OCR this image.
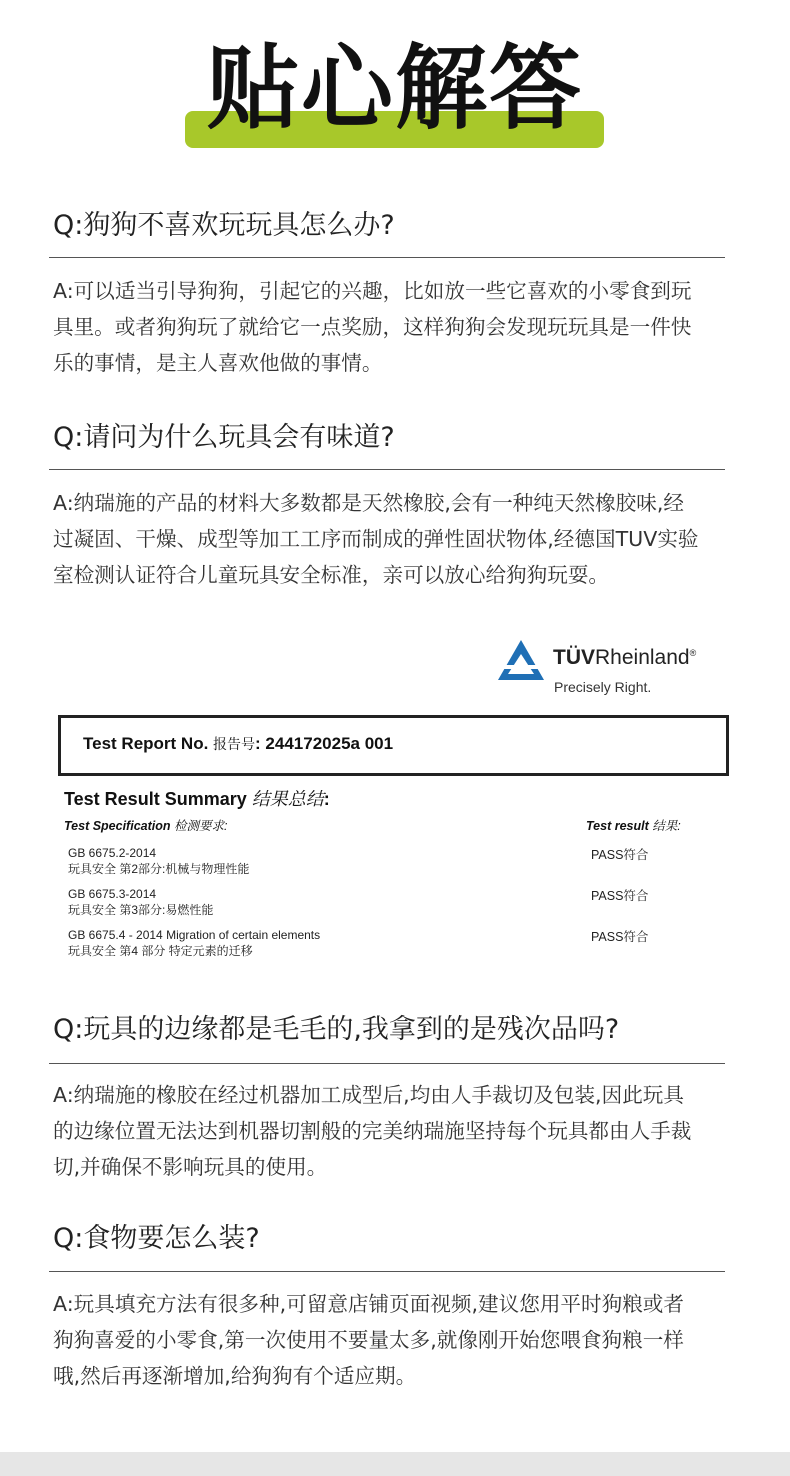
贴心解答
Q:狗狗不喜欢玩玩具怎么办?
A:可以适当引导狗狗，引起它的兴趣，比如放一些它喜欢的小零食到玩
具里。或者狗狗玩了就给它一点奖励，这样狗狗会发现玩玩具是一件快
乐的事情，是主人喜欢他做的事情。
Q:请问为什么玩具会有味道?
A:纳瑞施的产品的材料大多数都是天然橡胶,会有一种纯天然橡胶味,经
过凝固、干燥、成型等加工工序而制成的弹性固状物体,经德国TUV实验
室检测认证符合儿童玩具安全标准，亲可以放心给狗狗玩耍。
TÜVRheinland®
Precisely Right.
Test Report No. 报告号: 244172025a 001
Test Result Summary 结果总结:
Test Specification 检测要求:	Test result 结果:
GB 6675.2-2014
玩具安全 第2部分:机械与物理性能
PASS符合
GB 6675.3-2014
玩具安全 第3部分:易燃性能
PASS符合
GB 6675.4 - 2014 Migration of certain elements
玩具安全 第4 部分 特定元素的迁移
PASS符合
Q:玩具的边缘都是毛毛的,我拿到的是残次品吗?
A:纳瑞施的橡胶在经过机器加工成型后,均由人手裁切及包装,因此玩具
的边缘位置无法达到机器切割般的完美纳瑞施坚持每个玩具都由人手裁
切,并确保不影响玩具的使用。
Q:食物要怎么装?
A:玩具填充方法有很多种,可留意店铺页面视频,建议您用平时狗粮或者
狗狗喜爱的小零食,第一次使用不要量太多,就像刚开始您喂食狗粮一样
哦,然后再逐渐增加,给狗狗有个适应期。
